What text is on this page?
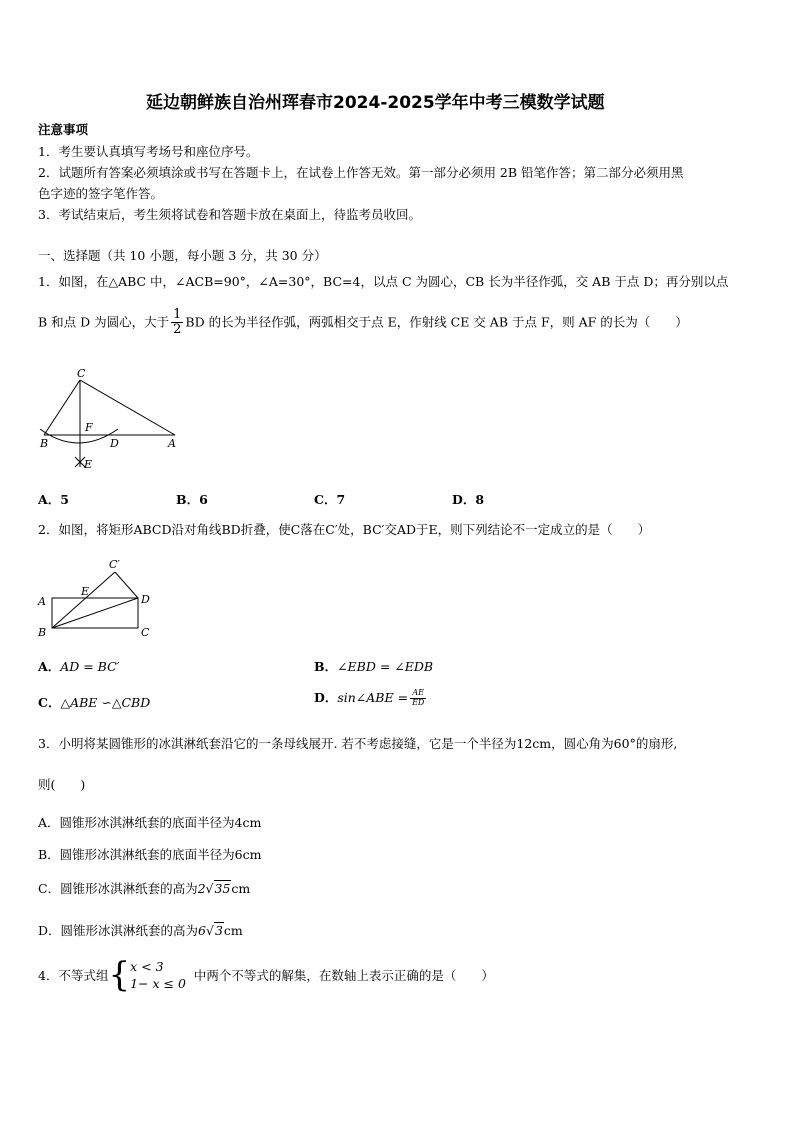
延边朝鲜族自治州珲春市2024-2025学年中考三模数学试题
注意事项
1．考生要认真填写考场号和座位序号。
2．试题所有答案必须填涂或书写在答题卡上，在试卷上作答无效。第一部分必须用 2B 铅笔作答；第二部分必须用黑
色字迹的签字笔作答。
3．考试结束后，考生须将试卷和答题卡放在桌面上，待监考员收回。
一、选择题（共 10 小题，每小题 3 分，共 30 分）
1．如图，在△ABC 中，∠ACB=90°，∠A=30°，BC=4，以点 C 为圆心，CB 长为半径作弧，交 AB 于点 D；再分别以点
B 和点 D 为圆心，大于 $\frac{1}{2}$ BD 的长为半径作弧，两弧相交于点 E，作射线 CE 交 AB 于点 F，则 AF 的长为（　　）
C
B
F
D	A
E
A．5	B．6	C．7	D．8
2．如图，将矩形ABCD沿对角线BD折叠，使C落在C′处，BC′交AD于E，则下列结论不一定成立的是（　　）
C′
E
A	D
B	C
A．AD = BC′	B．∠EBD = ∠EDB
C．△ABE ∽△CBD	D．sin∠ABE = $\frac{AE}{ED}$
3．小明将某圆锥形的冰淇淋纸套沿它的一条母线展开. 若不考虑接缝，它是一个半径为12cm，圆心角为60°的扇形,
则(　　)
A．圆锥形冰淇淋纸套的底面半径为4cm
B．圆锥形冰淇淋纸套的底面半径为6cm
C．圆锥形冰淇淋纸套的高为2√35cm
D．圆锥形冰淇淋纸套的高为6√3cm
4．不等式组{ x < 3
1− x ≤ 0
中两个不等式的解集，在数轴上表示正确的是（　　）
